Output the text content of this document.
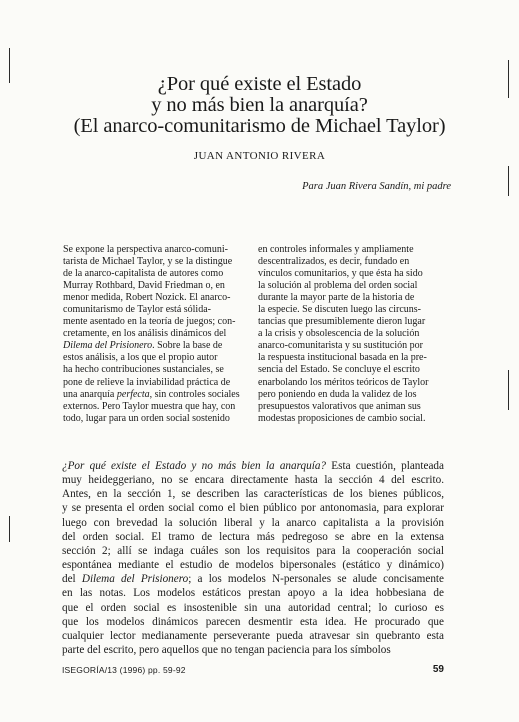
¿Por qué existe el Estado

y no más bien la anarquía?

(El anarco-comunitarismo de Michael Taylor)

JUAN ANTONIO RIVERA
Para Juan Rivera Sandín, mi padre
Se expone la perspectiva anarco-comuni-
tarista de Michael Taylor, y se la distingue
de la anarco-capitalista de autores como
Murray Rothbard, David Friedman o, en
menor medida, Robert Nozick. El anarco-
comunitarismo de Taylor está sólida-
mente asentado en la teoría de juegos; con-
cretamente, en los análisis dinámicos del
Dilema del Prisionero. Sobre la base de
estos análisis, a los que el propio autor
ha hecho contribuciones sustanciales, se
pone de relieve la inviabilidad práctica de
una anarquía perfecta, sin controles sociales
externos. Pero Taylor muestra que hay, con
todo, lugar para un orden social sostenido
en controles informales y ampliamente
descentralizados, es decir, fundado en
vínculos comunitarios, y que ésta ha sido
la solución al problema del orden social
durante la mayor parte de la historia de
la especie. Se discuten luego las circuns-
tancias que presumiblemente dieron lugar
a la crisis y obsolescencia de la solución
anarco-comunitarista y su sustitución por
la respuesta institucional basada en la pre-
sencia del Estado. Se concluye el escrito
enarbolando los méritos teóricos de Taylor
pero poniendo en duda la validez de los
presupuestos valorativos que animan sus
modestas proposiciones de cambio social.
¿Por qué existe el Estado y no más bien la anarquía? Esta cuestión, planteada
muy heideggeriano, no se encara directamente hasta la sección 4 del escrito.
Antes, en la sección 1, se describen las características de los bienes públicos,
y se presenta el orden social como el bien público por antonomasia, para explorar
luego con brevedad la solución liberal y la anarco capitalista a la provisión
del orden social. El tramo de lectura más pedregoso se abre en la extensa
sección 2; allí se indaga cuáles son los requisitos para la cooperación social
espontánea mediante el estudio de modelos bipersonales (estático y dinámico)
del Dilema del Prisionero; a los modelos N-personales se alude concisamente
en las notas. Los modelos estáticos prestan apoyo a la idea hobbesiana de
que el orden social es insostenible sin una autoridad central; lo curioso es
que los modelos dinámicos parecen desmentir esta idea. He procurado que
cualquier lector medianamente perseverante pueda atravesar sin quebranto esta
parte del escrito, pero aquellos que no tengan paciencia para los símbolos
ISEGORÍA/13 (1996) pp. 59-92	59
